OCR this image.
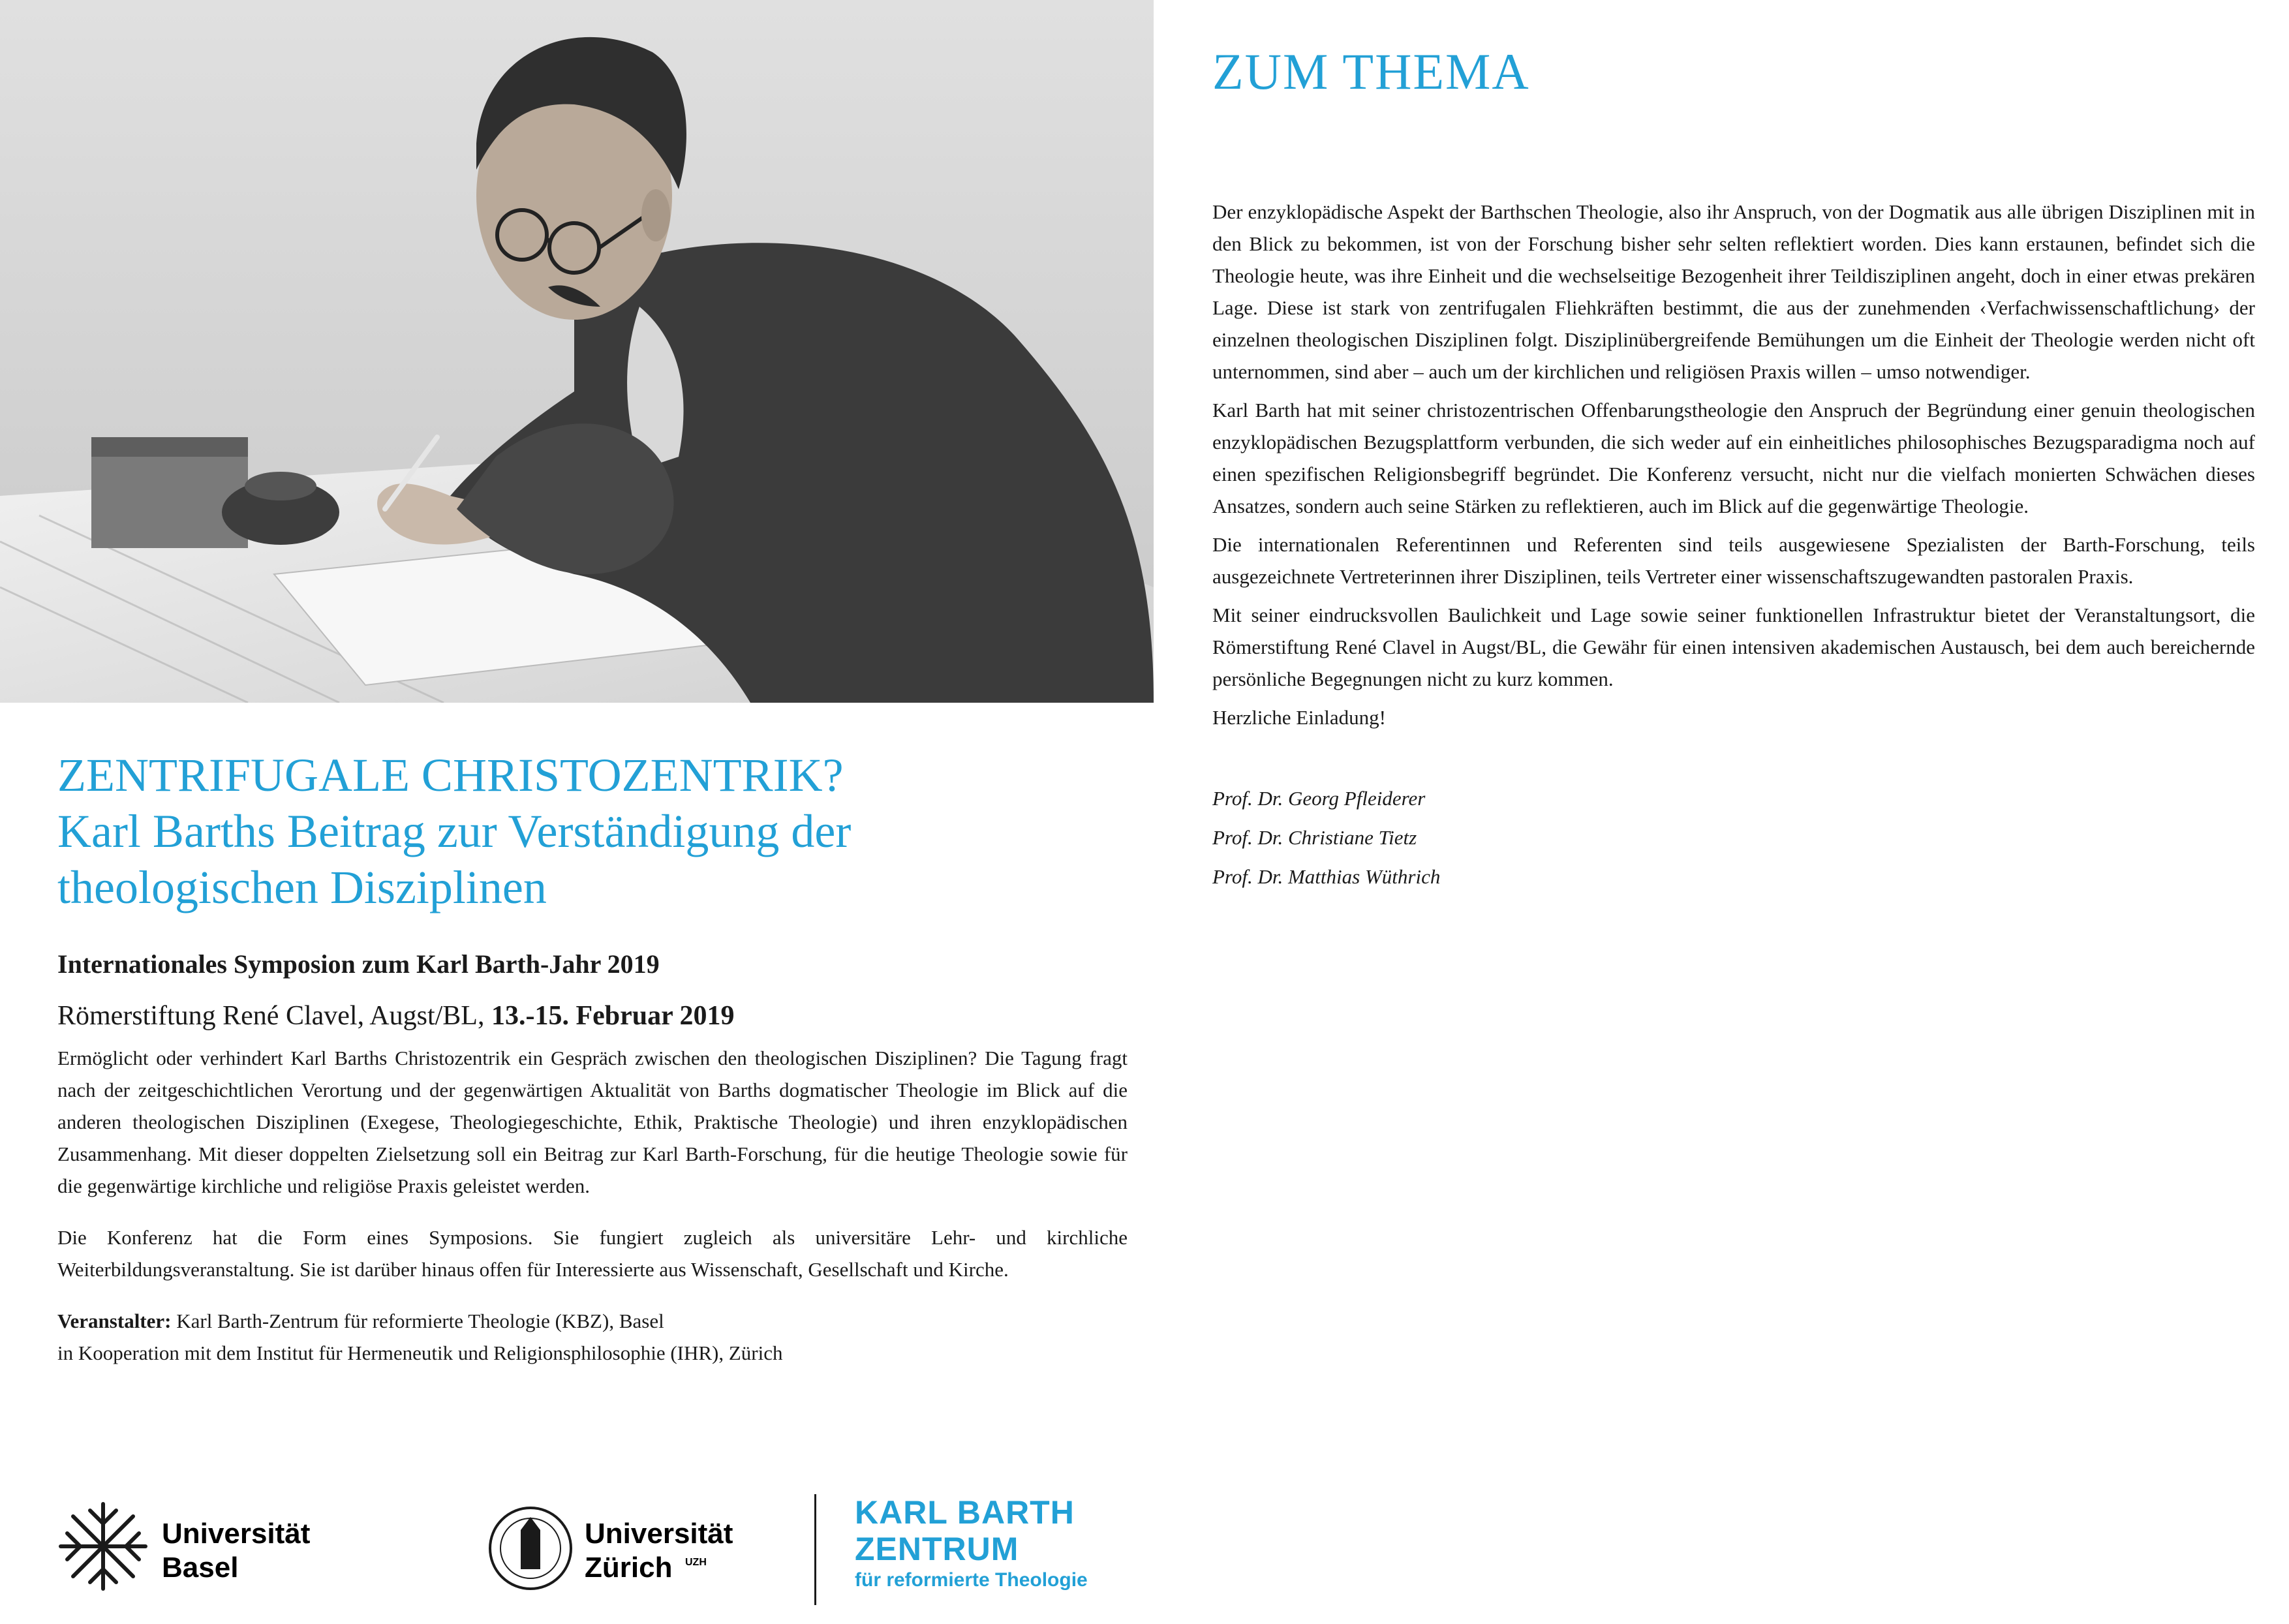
ZENTRIFUGALE CHRISTOZENTRIK?
Karl Barths Beitrag zur Verständigung der
theologischen Disziplinen

Internationales Symposion zum Karl Barth-Jahr 2019

Römerstiftung René Clavel, Augst/BL, 13.-15. Februar 2019

Ermöglicht oder verhindert Karl Barths Christozentrik ein Gespräch zwischen den theologischen Disziplinen? Die Tagung fragt nach der zeitgeschichtlichen Verortung und der gegenwärtigen Aktualität von Barths dogmatischer Theologie im Blick auf die anderen theologischen Disziplinen (Exegese, Theologiegeschichte, Ethik, Praktische Theologie) und ihren enzyklopädischen Zusammenhang. Mit dieser doppelten Zielsetzung soll ein Beitrag zur Karl Barth-Forschung, für die heutige Theologie sowie für die gegenwärtige kirchliche und religiöse Praxis geleistet werden.

Die Konferenz hat die Form eines Symposions. Sie fungiert zugleich als universitäre Lehr- und kirchliche Weiterbildungsveranstaltung. Sie ist darüber hinaus offen für Interessierte aus Wissenschaft, Gesellschaft und Kirche.

Veranstalter: Karl Barth-Zentrum für reformierte Theologie (KBZ), Basel
in Kooperation mit dem Institut für Hermeneutik und Religionsphilosophie (IHR), Zürich

ZUM THEMA

Der enzyklopädische Aspekt der Barthschen Theologie, also ihr Anspruch, von der Dogmatik aus alle übrigen Disziplinen mit in den Blick zu bekommen, ist von der Forschung bisher sehr selten reflektiert worden. Dies kann erstaunen, befindet sich die Theologie heute, was ihre Einheit und die wechselseitige Bezogenheit ihrer Teildisziplinen angeht, doch in einer etwas prekären Lage. Diese ist stark von zentrifugalen Fliehkräften bestimmt, die aus der zunehmenden ‹Verfachwissenschaftlichung› der einzelnen theologischen Disziplinen folgt. Disziplinübergreifende Bemühungen um die Einheit der Theologie werden nicht oft unternommen, sind aber – auch um der kirchlichen und religiösen Praxis willen – umso notwendiger.

Karl Barth hat mit seiner christozentrischen Offenbarungstheologie den Anspruch der Begründung einer genuin theologischen enzyklopädischen Bezugsplattform verbunden, die sich weder auf ein einheitliches philosophisches Bezugsparadigma noch auf einen spezifischen Religionsbegriff begründet. Die Konferenz versucht, nicht nur die vielfach monierten Schwächen dieses Ansatzes, sondern auch seine Stärken zu reflektieren, auch im Blick auf die gegenwärtige Theologie.

Die internationalen Referentinnen und Referenten sind teils ausgewiesene Spezialisten der Barth-Forschung, teils ausgezeichnete Vertreterinnen ihrer Disziplinen, teils Vertreter einer wissenschaftszugewandten pastoralen Praxis.

Mit seiner eindrucksvollen Baulichkeit und Lage sowie seiner funktionellen Infrastruktur bietet der Veranstaltungsort, die Römerstiftung René Clavel in Augst/BL, die Gewähr für einen intensiven akademischen Austausch, bei dem auch bereichernde persönliche Begegnungen nicht zu kurz kommen.

Herzliche Einladung!
Prof. Dr. Georg Pfleiderer
Prof. Dr. Christiane Tietz
Prof. Dr. Matthias Wüthrich
Universität
Basel
Universität
Zürich UZH
KARL BARTH
ZENTRUM
für reformierte Theologie
